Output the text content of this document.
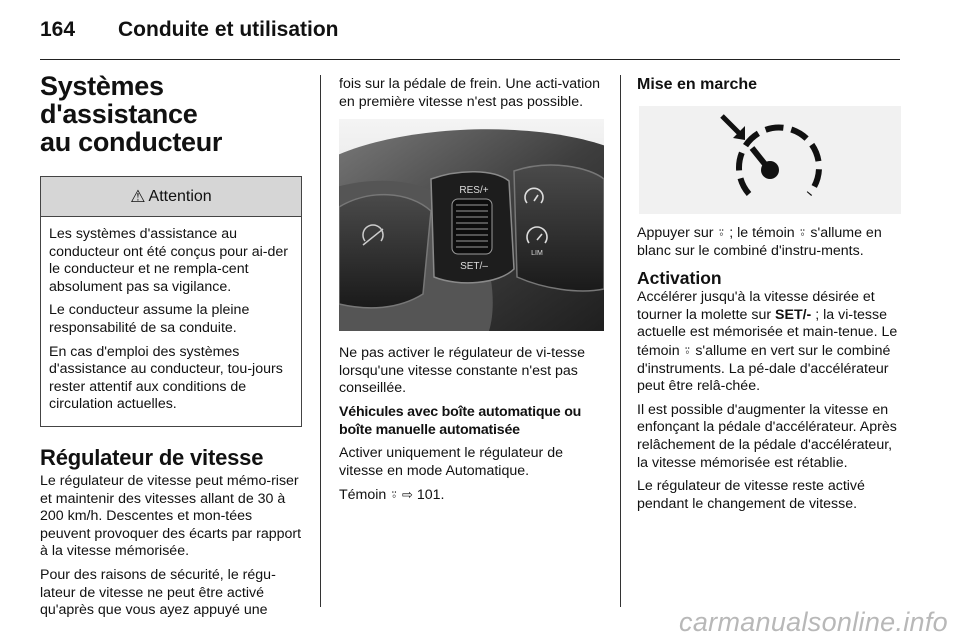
164 Conduite et utilisation
Systèmes d'assistance
au conducteur
⚠ Attention

Les systèmes d'assistance au conducteur ont été conçus pour ai-der le conducteur et ne rempla-cent absolument pas sa vigilance.

Le conducteur assume la pleine responsabilité de sa conduite.

En cas d'emploi des systèmes d'assistance au conducteur, tou-jours rester attentif aux conditions de circulation actuelles.

Régulateur de vitesse

Le régulateur de vitesse peut mémo-riser et maintenir des vitesses allant de 30 à 200 km/h. Descentes et mon-tées peuvent provoquer des écarts par rapport à la vitesse mémorisée.

Pour des raisons de sécurité, le régu-lateur de vitesse ne peut être activé qu'après que vous ayez appuyé une

fois sur la pédale de frein. Une acti-vation en première vitesse n'est pas possible.

RES/+
SET/–
LIM

Ne pas activer le régulateur de vi-tesse lorsqu'une vitesse constante n'est pas conseillée.

Véhicules avec boîte automatique ou boîte manuelle automatisée

Activer uniquement le régulateur de vitesse en mode Automatique.

Témoin ⍤ ⇨ 101.

Mise en marche

Appuyer sur ⍤ ; le témoin ⍤ s'allume en blanc sur le combiné d'instru-ments.

Activation

Accélérer jusqu'à la vitesse désirée et tourner la molette sur SET/- ; la vi-tesse actuelle est mémorisée et main-tenue. Le témoin ⍤ s'allume en vert sur le combiné d'instruments. La pé-dale d'accélérateur peut être relâ-chée.

Il est possible d'augmenter la vitesse en enfonçant la pédale d'accélérateur. Après relâchement de la pédale d'accélérateur, la vitesse mémorisée est rétablie.

Le régulateur de vitesse reste activé pendant le changement de vitesse.

carmanualsonline.info
